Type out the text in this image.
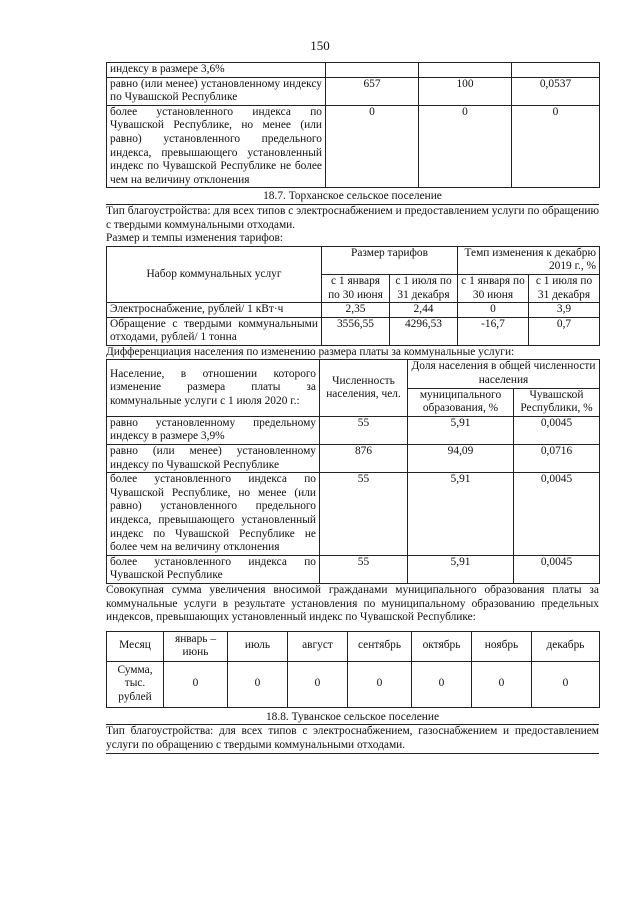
150
индексу в размере 3,6%			
равно (или менее) установленному индексу по Чувашской Республике	657	100	0,0537
более установленного индекса по Чувашской Республике, но менее (или равно) установленного предельного индекса, превышающего установленный индекс по Чувашской Республике не более чем на величину отклонения	0	0	0
18.7. Торханское сельское поселение
Тип благоустройства: для всех типов с электроснабжением и предоставлением услуги по обращению с твердыми коммунальными отходами.
Размер и темпы изменения тарифов:
Набор коммунальных услуг	Размер тарифов		Темп изменения к декабрю 2019 г., %	
	с 1 января по 30 июня	с 1 июля по 31 декабря	с 1 января по 30 июня	с 1 июля по 31 декабря
Электроснабжение, рублей/ 1 кВт·ч	2,35	2,44	0	3,9
Обращение с твердыми коммунальными отходами, рублей/ 1 тонна	3556,55	4296,53	-16,7	0,7
Дифференциация населения по изменению размера платы за коммунальные услуги:
Население, в отношении которого изменение размера платы за коммунальные услуги с 1 июля 2020 г.:	Численность населения, чел.	Доля населения в общей численности населения	
		муниципального образования, %	Чувашской Республики, %
равно установленному предельному индексу в размере 3,9%	55	5,91	0,0045
равно (или менее) установленному индексу по Чувашской Республике	876	94,09	0,0716
более установленного индекса по Чувашской Республике, но менее (или равно) установленного предельного индекса, превышающего установленный индекс по Чувашской Республике не более чем на величину отклонения	55	5,91	0,0045
более установленного индекса по Чувашской Республике	55	5,91	0,0045
Совокупная сумма увеличения вносимой гражданами муниципального образования платы за коммунальные услуги в результате установления по муниципальному образованию предельных индексов, превышающих установленный индекс по Чувашской Республике:
Месяц	январь – июнь	июль	август	сентябрь	октябрь	ноябрь	декабрь
Сумма, тыс. рублей	0	0	0	0	0	0	0
18.8. Туванское сельское поселение
Тип благоустройства: для всех типов с электроснабжением, газоснабжением и предоставлением услуги по обращению с твердыми коммунальными отходами.
